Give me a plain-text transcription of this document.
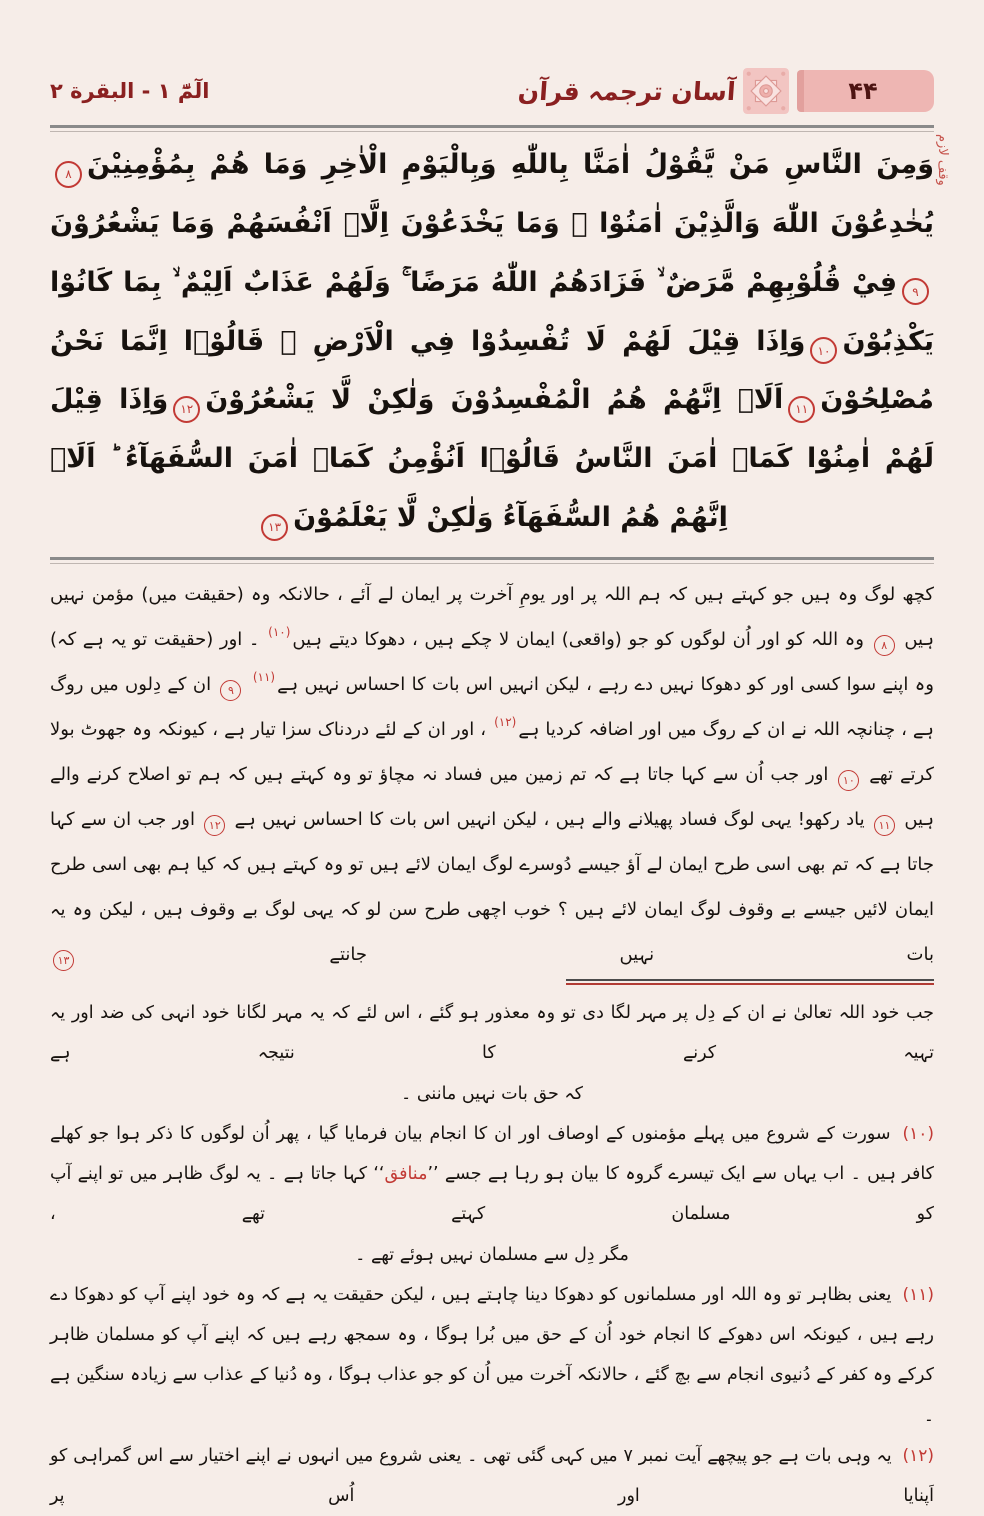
۴۴
آسان ترجمہ قرآن
الٓمّٓ ۱ - البقرة ۲
وقف لازم

وَمِنَ النَّاسِ مَنْ يَّقُوْلُ اٰمَنَّا بِاللّٰهِ وَبِالْيَوْمِ الْاٰخِرِ وَمَا هُمْ بِمُؤْمِنِيْنَ۸يُخٰدِعُوْنَ اللّٰهَ وَالَّذِيْنَ اٰمَنُوْا ۚ وَمَا يَخْدَعُوْنَ اِلَّاۤ اَنْفُسَهُمْ وَمَا يَشْعُرُوْنَ۹فِيْ قُلُوْبِهِمْ مَّرَضٌ ۙ فَزَادَهُمُ اللّٰهُ مَرَضًا ۚ وَلَهُمْ عَذَابٌ اَلِيْمٌ ۙ بِمَا كَانُوْا يَكْذِبُوْنَ۱۰وَاِذَا قِيْلَ لَهُمْ لَا تُفْسِدُوْا فِي الْاَرْضِ ۙ قَالُوْۤا اِنَّمَا نَحْنُ مُصْلِحُوْنَ۱۱اَلَاۤ اِنَّهُمْ هُمُ الْمُفْسِدُوْنَ وَلٰكِنْ لَّا يَشْعُرُوْنَ۱۲وَاِذَا قِيْلَ لَهُمْ اٰمِنُوْا كَمَاۤ اٰمَنَ النَّاسُ قَالُوْۤا اَنُؤْمِنُ كَمَاۤ اٰمَنَ السُّفَهَآءُ ؕ اَلَاۤ اِنَّهُمْ هُمُ السُّفَهَآءُ وَلٰكِنْ لَّا يَعْلَمُوْنَ۱۳

کچھ لوگ وہ ہیں جو کہتے ہیں کہ ہم اللہ پر اور یومِ آخرت پر ایمان لے آئے ، حالانکہ وہ (حقیقت میں) مؤمن نہیں ہیں ۸ وہ اللہ کو اور اُن لوگوں کو جو (واقعی) ایمان لا چکے ہیں ، دھوکا دیتے ہیں$^{(۱۰)}$ ۔ اور (حقیقت تو یہ ہے کہ) وہ اپنے سوا کسی اور کو دھوکا نہیں دے رہے ، لیکن انہیں اس بات کا احساس نہیں ہے$^{(۱۱)}$ ۹ ان کے دِلوں میں روگ ہے ، چنانچہ اللہ نے ان کے روگ میں اور اضافہ کردیا ہے$^{(۱۲)}$ ، اور ان کے لئے دردناک سزا تیار ہے ، کیونکہ وہ جھوٹ بولا کرتے تھے ۱۰ اور جب اُن سے کہا جاتا ہے کہ تم زمین میں فساد نہ مچاؤ تو وہ کہتے ہیں کہ ہم تو اصلاح کرنے والے ہیں ۱۱ یاد رکھو! یہی لوگ فساد پھیلانے والے ہیں ، لیکن انہیں اس بات کا احساس نہیں ہے ۱۲ اور جب ان سے کہا جاتا ہے کہ تم بھی اسی طرح ایمان لے آؤ جیسے دُوسرے لوگ ایمان لائے ہیں تو وہ کہتے ہیں کہ کیا ہم بھی اسی طرح ایمان لائیں جیسے بے وقوف لوگ ایمان لائے ہیں ؟ خوب اچھی طرح سن لو کہ یہی لوگ بے وقوف ہیں ، لیکن وہ یہ بات نہیں جانتے ۱۳

جب خود اللہ تعالیٰ نے ان کے دِل پر مہر لگا دی تو وہ معذور ہو گئے ، اس لئے کہ یہ مہر لگانا خود انہی کی ضد اور یہ تہیہ کرنے کا نتیجہ ہے

کہ حق بات نہیں ماننی ۔

(۱۰) سورت کے شروع میں پہلے مؤمنوں کے اوصاف اور ان کا انجام بیان فرمایا گیا ، پھر اُن لوگوں کا ذکر ہوا جو کھلے کافر ہیں ۔ اب یہاں سے ایک تیسرے گروہ کا بیان ہو رہا ہے جسے ’’منافق‘‘ کہا جاتا ہے ۔ یہ لوگ ظاہر میں تو اپنے آپ کو مسلمان کہتے تھے ،

مگر دِل سے مسلمان نہیں ہوئے تھے ۔

(۱۱) یعنی بظاہر تو وہ اللہ اور مسلمانوں کو دھوکا دینا چاہتے ہیں ، لیکن حقیقت یہ ہے کہ وہ خود اپنے آپ کو دھوکا دے رہے ہیں ، کیونکہ اس دھوکے کا انجام خود اُن کے حق میں بُرا ہوگا ، وہ سمجھ رہے ہیں کہ اپنے آپ کو مسلمان ظاہر کرکے وہ کفر کے دُنیوی انجام سے بچ گئے ، حالانکہ آخرت میں اُن کو جو عذاب ہوگا ، وہ دُنیا کے عذاب سے زیادہ سنگین ہے ۔

(۱۲) یہ وہی بات ہے جو پیچھے آیت نمبر ۷ میں کہی گئی تھی ۔ یعنی شروع میں انہوں نے اپنے اختیار سے اس گمراہی کو اَپنایا اور اُس پر
